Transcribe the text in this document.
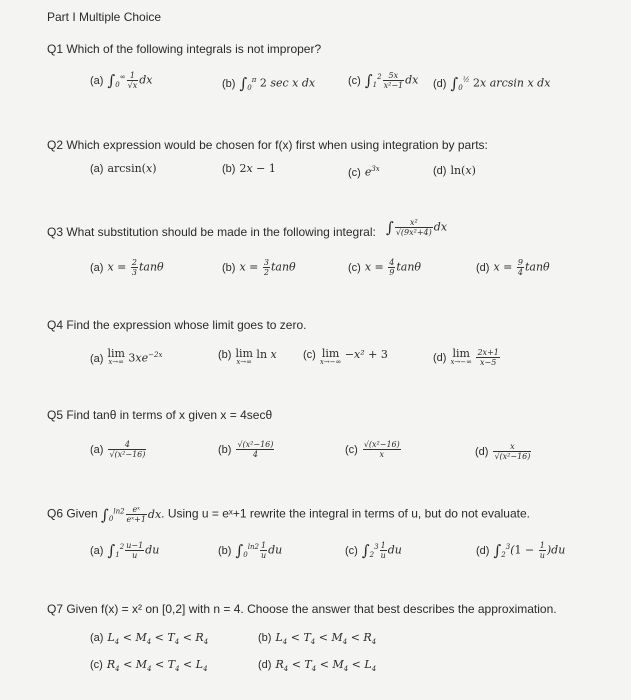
Part I Multiple Choice
Q1 Which of the following integrals is not improper?
(a) $\int_0^\infty \frac{1}{√x}$ dx	(b) $\int_0^\pi$ 2 sec x dx	(c) $\int_1^2 \frac{5x}{\text{x²−1}}$ dx (d) $\int_0^{\frac{1}{2}}$ 2x arcsin x dx
Q2 Which expression would be chosen for f(x) first when using integration by parts:
(a) arcsin(x)	(b) 2x − 1	(c) $e^{3x}$	(d) ln(x)
Q3 What substitution should be made in the following integral: ∫ $\frac{\text{x²}}{\text{√(9x²+4)}}$ dx
(a) $x = \frac{2}{3}$ tanθ	(b) $x = \frac{3}{2}$ tanθ	(c) $x = \frac{4}{9}$ tanθ	(d) $x = \frac{9}{4}$ tanθ
Q4 Find the expression whose limit goes to zero.
(a) lim
x→∞ $3xe^{-2x}$	(b) lim
x→∞
ln x (c) lim
x→−∞
−x² + 3	(d) lim
x→−∞
$\frac{2x+1}{x-5}$
Q5 Find tanθ in terms of x given x = 4secθ
$(a) \frac{4}{\text{√(x²−16)}}$	$(b) \frac{\text{√(x²−16)}}{4}$	$(c) \frac{\text{√(x²−16)}}{x}$	$(d) \frac{x}{\text{√(x²−16)}}$
Q6 Given $\int_0^{ln2} \frac{\text{eˣ}}{\text{eˣ+1}}$ dx. Using u = eˣ+1 rewrite the integral in terms of u, but do not evaluate.
(a) $\int_1^2 \frac{u-1}{u}$ du	(b) $\int_0^{ln2} \frac{1}{u}$ du	(c) $\int_2^3 \frac{1}{u}$ du	(d) $\int_2^3(1 - \frac{1}{u} )du$
Q7 Given f(x) = x² on [0,2] with n = 4. Choose the answer that best describes the approximation.
(a) $L_4 < M_4 < T_4 < R_4$	(b) $L_4 < T_4 < M_4 < R_4$
(c) $R_4 < M_4 < T_4 < L_4$	(d) $R_4 < T_4 < M_4 < L_4$
